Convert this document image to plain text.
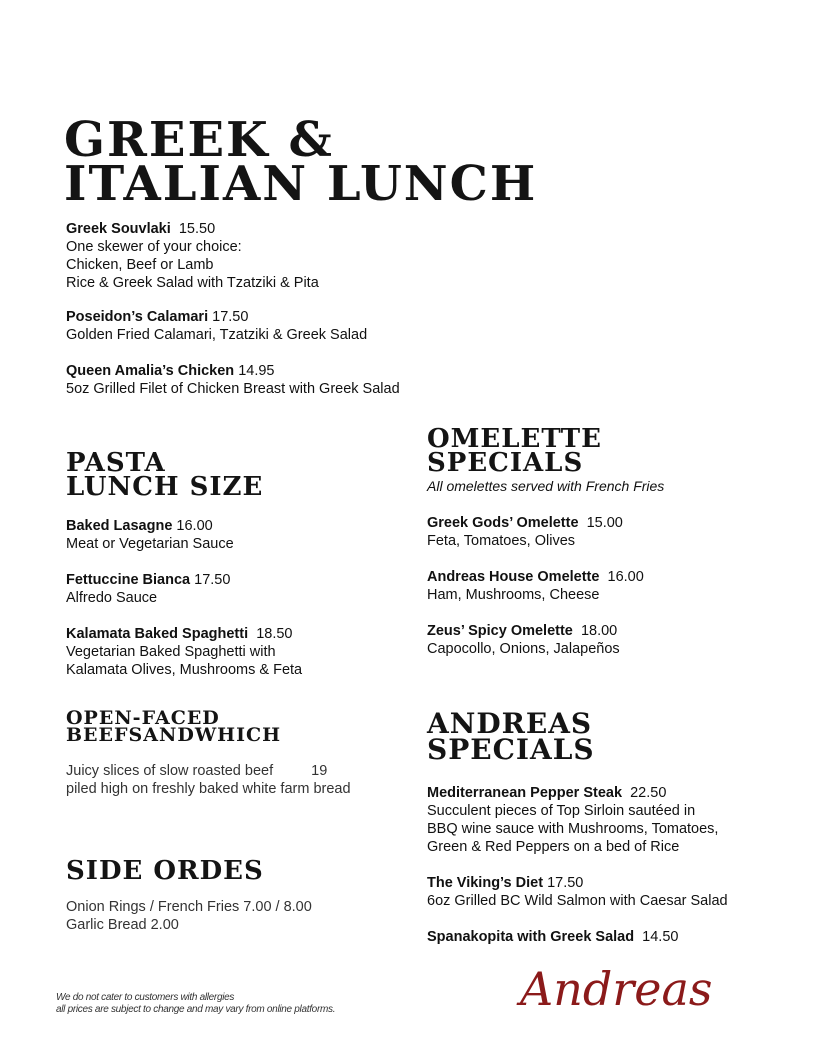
GREEK &
ITALIAN LUNCH
Greek Souvlaki 15.50
One skewer of your choice:
Chicken, Beef or Lamb
Rice & Greek Salad with Tzatziki & Pita
Poseidon’s Calamari 17.50
Golden Fried Calamari, Tzatziki & Greek Salad
Queen Amalia’s Chicken 14.95
5oz Grilled Filet of Chicken Breast with Greek Salad
PASTA
LUNCH SIZE
Baked Lasagne 16.00
Meat or Vegetarian Sauce
Fettuccine Bianca 17.50
Alfredo Sauce
Kalamata Baked Spaghetti 18.50
Vegetarian Baked Spaghetti with
Kalamata Olives, Mushrooms & Feta
OPEN-FACED
BEEFSANDWHICH
Juicy slices of slow roasted beef	19
piled high on freshly baked white farm bread
SIDE ORDES
Onion Rings / French Fries 7.00 / 8.00
Garlic Bread 2.00
OMELETTE
SPECIALS
All omelettes served with French Fries
Greek Gods’ Omelette 15.00
Feta, Tomatoes, Olives
Andreas House Omelette 16.00
Ham, Mushrooms, Cheese
Zeus’ Spicy Omelette 18.00
Capocollo, Onions, Jalapeños
ANDREAS
SPECIALS
Mediterranean Pepper Steak 22.50
Succulent pieces of Top Sirloin sautéed in
BBQ wine sauce with Mushrooms, Tomatoes,
Green & Red Peppers on a bed of Rice
The Viking’s Diet 17.50
6oz Grilled BC Wild Salmon with Caesar Salad
Spanakopita with Greek Salad 14.50
We do not cater to customers with allergies
all prices are subject to change and may vary from online platforms.	Andreas
